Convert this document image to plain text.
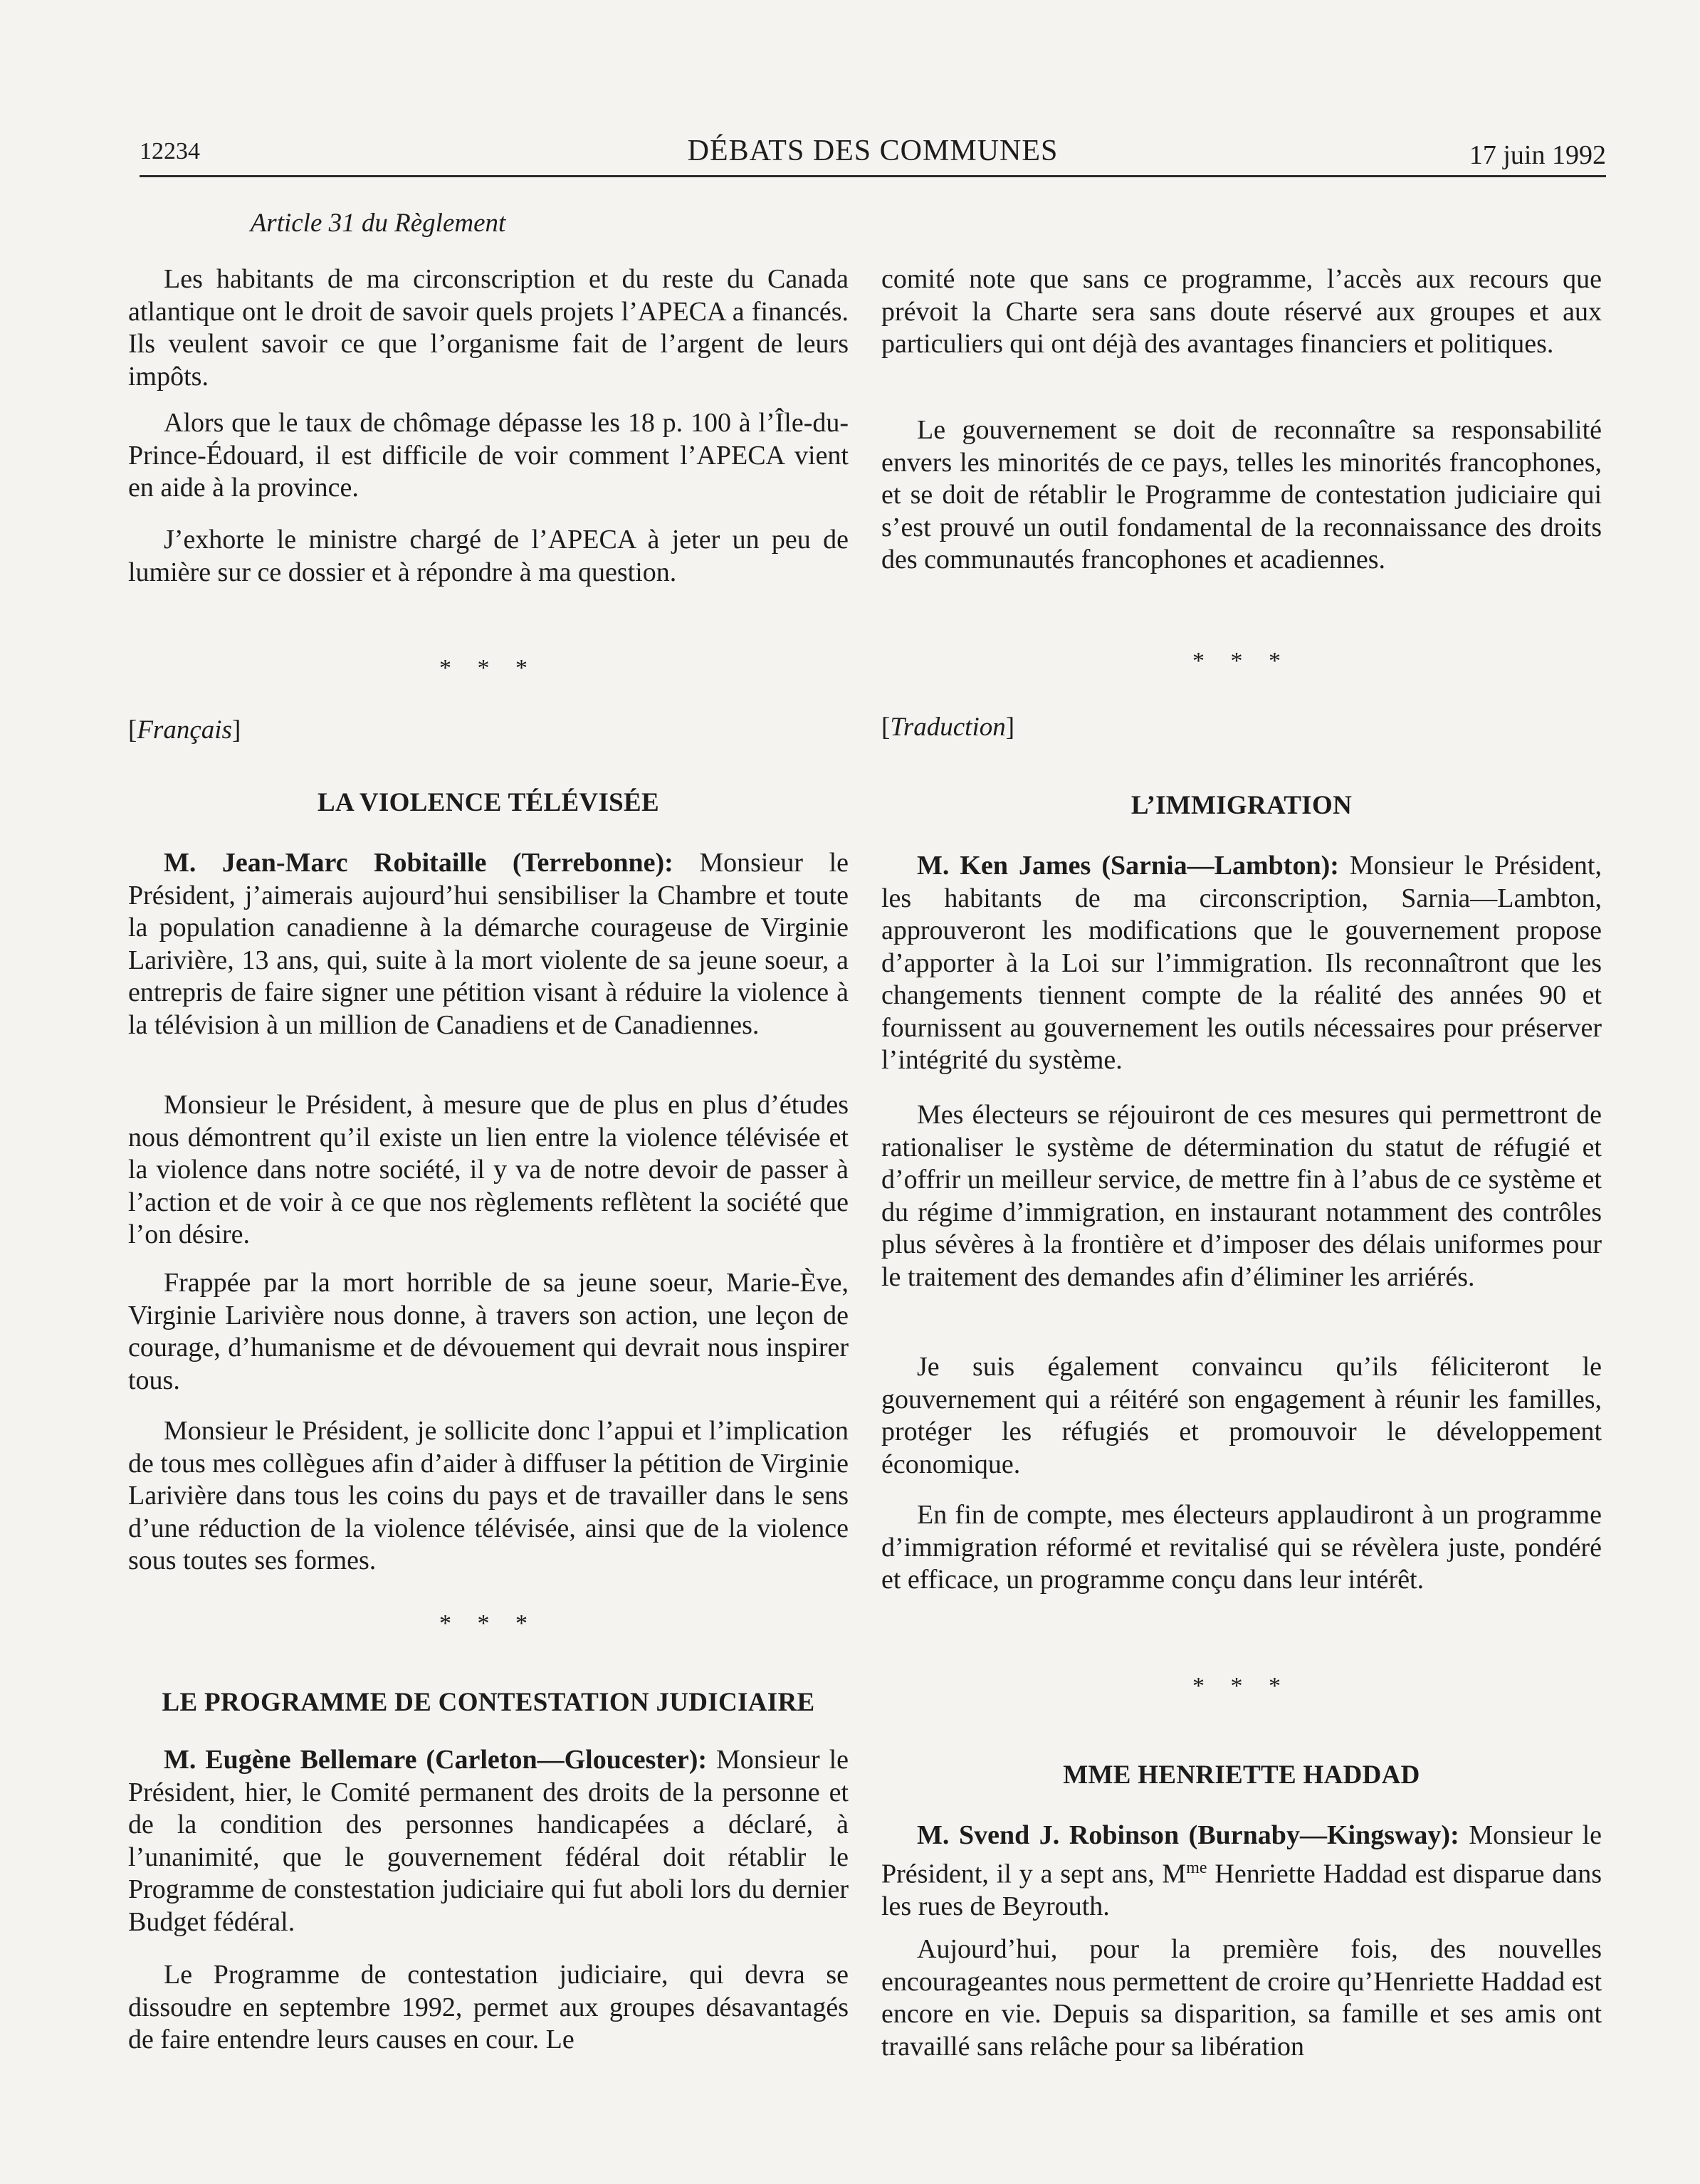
12234	DÉBATS DES COMMUNES	17 juin 1992
Article 31 du Règlement

Les habitants de ma circonscription et du reste du Canada atlantique ont le droit de savoir quels projets l’APECA a financés. Ils veulent savoir ce que l’organisme fait de l’argent de leurs impôts.

Alors que le taux de chômage dépasse les 18 p. 100 à l’Île-du-Prince-Édouard, il est difficile de voir comment l’APECA vient en aide à la province.

J’exhorte le ministre chargé de l’APECA à jeter un peu de lumière sur ce dossier et à répondre à ma question.

* * *
[Français]
LA VIOLENCE TÉLÉVISÉE

M. Jean-Marc Robitaille (Terrebonne): Monsieur le Président, j’aimerais aujourd’hui sensibiliser la Chambre et toute la population canadienne à la démarche courageuse de Virginie Larivière, 13 ans, qui, suite à la mort violente de sa jeune soeur, a entrepris de faire signer une pétition visant à réduire la violence à la télévision à un million de Canadiens et de Canadiennes.

Monsieur le Président, à mesure que de plus en plus d’études nous démontrent qu’il existe un lien entre la violence télévisée et la violence dans notre société, il y va de notre devoir de passer à l’action et de voir à ce que nos règlements reflètent la société que l’on désire.

Frappée par la mort horrible de sa jeune soeur, Marie-Ève, Virginie Larivière nous donne, à travers son action, une leçon de courage, d’humanisme et de dévouement qui devrait nous inspirer tous.

Monsieur le Président, je sollicite donc l’appui et l’implication de tous mes collègues afin d’aider à diffuser la pétition de Virginie Larivière dans tous les coins du pays et de travailler dans le sens d’une réduction de la violence télévisée, ainsi que de la violence sous toutes ses formes.

* * *
LE PROGRAMME DE CONTESTATION JUDICIAIRE

M. Eugène Bellemare (Carleton—Gloucester): Monsieur le Président, hier, le Comité permanent des droits de la personne et de la condition des personnes handicapées a déclaré, à l’unanimité, que le gouvernement fédéral doit rétablir le Programme de constestation judiciaire qui fut aboli lors du dernier Budget fédéral.

Le Programme de contestation judiciaire, qui devra se dissoudre en septembre 1992, permet aux groupes désavantagés de faire entendre leurs causes en cour. Le

comité note que sans ce programme, l’accès aux recours que prévoit la Charte sera sans doute réservé aux groupes et aux particuliers qui ont déjà des avantages financiers et politiques.

Le gouvernement se doit de reconnaître sa responsabilité envers les minorités de ce pays, telles les minorités francophones, et se doit de rétablir le Programme de contestation judiciaire qui s’est prouvé un outil fondamental de la reconnaissance des droits des communautés francophones et acadiennes.

* * *
[Traduction]
L’IMMIGRATION

M. Ken James (Sarnia—Lambton): Monsieur le Président, les habitants de ma circonscription, Sarnia—Lambton, approuveront les modifications que le gouvernement propose d’apporter à la Loi sur l’immigration. Ils reconnaîtront que les changements tiennent compte de la réalité des années 90 et fournissent au gouvernement les outils nécessaires pour préserver l’intégrité du système.

Mes électeurs se réjouiront de ces mesures qui permettront de rationaliser le système de détermination du statut de réfugié et d’offrir un meilleur service, de mettre fin à l’abus de ce système et du régime d’immigration, en instaurant notamment des contrôles plus sévères à la frontière et d’imposer des délais uniformes pour le traitement des demandes afin d’éliminer les arriérés.

Je suis également convaincu qu’ils féliciteront le gouvernement qui a réitéré son engagement à réunir les familles, protéger les réfugiés et promouvoir le développement économique.

En fin de compte, mes électeurs applaudiront à un programme d’immigration réformé et revitalisé qui se révèlera juste, pondéré et efficace, un programme conçu dans leur intérêt.

* * *
MME HENRIETTE HADDAD

M. Svend J. Robinson (Burnaby—Kingsway): Monsieur le Président, il y a sept ans, $M^{me}$ Henriette Haddad est disparue dans les rues de Beyrouth.

Aujourd’hui, pour la première fois, des nouvelles encourageantes nous permettent de croire qu’Henriette Haddad est encore en vie. Depuis sa disparition, sa famille et ses amis ont travaillé sans relâche pour sa libération
